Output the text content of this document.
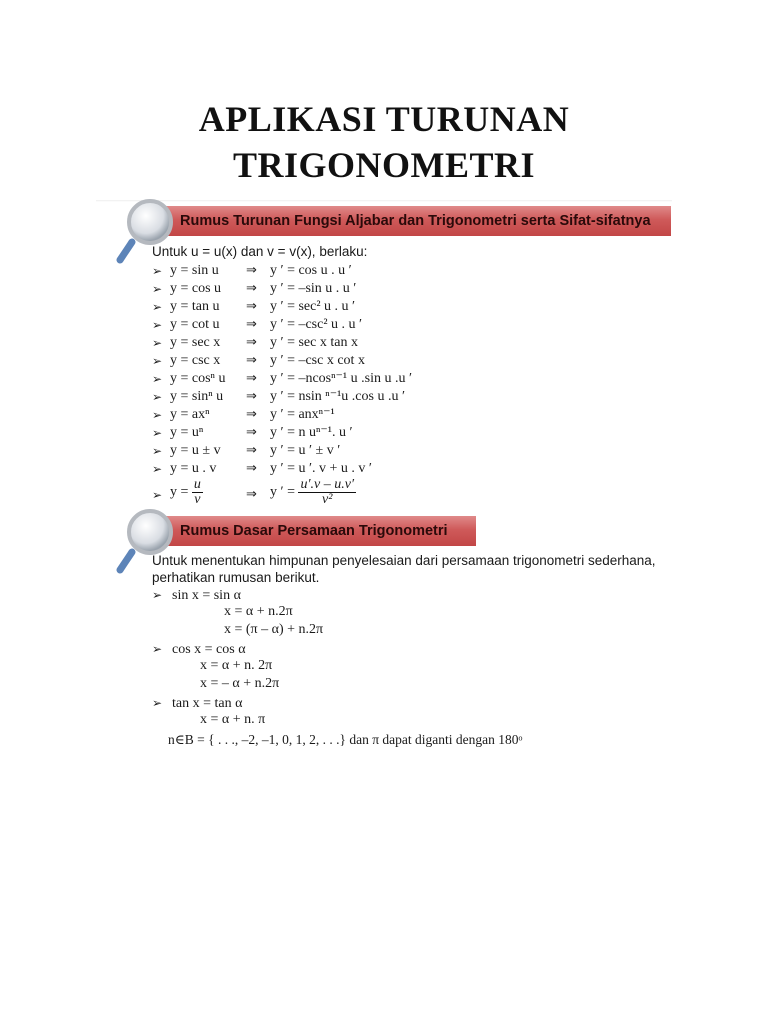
APLIKASI TURUNAN
TRIGONOMETRI
Rumus Turunan Fungsi Aljabar dan Trigonometri serta Sifat-sifatnya
Untuk u = u(x) dan v = v(x), berlaku:
➢ y = sin u ⇒ y ′ = cos u . u ′
➢ y = cos u ⇒ y ′ = –sin u . u ′
➢ y = tan u ⇒ y ′ = sec² u . u ′
➢ y = cot u ⇒ y ′ = –csc² u . u ′
➢ y = sec x ⇒ y ′ = sec x tan x
➢ y = csc x ⇒ y ′ = –csc x cot x
➢ y = cosⁿ u ⇒ y ′ = –ncosⁿ⁻¹ u .sin u .u ′
➢ y = sinⁿ u ⇒ y ′ = nsin ⁿ⁻¹u .cos u .u ′
➢ y = axⁿ	⇒ y ′ = anxⁿ⁻¹
➢ y = uⁿ	⇒ y ′ = n uⁿ⁻¹. u ′
➢ y = u ± v ⇒ y ′ = u ′ ± v ′
➢ y = u . v ⇒ y ′ = u ′. v + u . v ′
➢ $y = \frac{u}{v}$	⇒ y ′ = $\frac{u'.v - u.v'}{\text{v²}}$
Rumus Dasar Persamaan Trigonometri
Untuk menentukan himpunan penyelesaian dari persamaan trigonometri sederhana,
perhatikan rumusan berikut.
➢ sin x = sin α
x = α + n.2π
x = (π – α) + n.2π
➢ cos x = cos α
x = α + n. 2π
x = – α + n.2π
➢ tan x = tan α
x = α + n. π
n∈B = { . . ., –2, –1, 0, 1, 2, . . .} dan π dapat diganti dengan 180ᵒ
